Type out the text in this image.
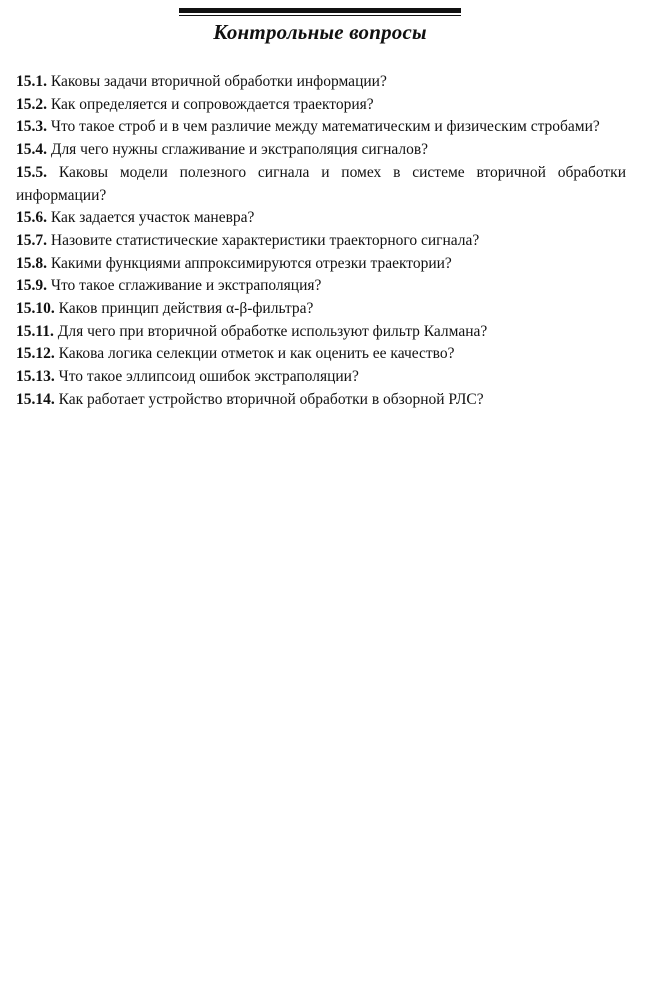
Контрольные вопросы
15.1. Каковы задачи вторичной обработки информации?
15.2. Как определяется и сопровождается траектория?
15.3. Что такое строб и в чем различие между математическим и физическим стробами?
15.4. Для чего нужны сглаживание и экстраполяция сигналов?
15.5. Каковы модели полезного сигнала и помех в системе вторичной обработки информации?
15.6. Как задается участок маневра?
15.7. Назовите статистические характеристики траекторного сигнала?
15.8. Какими функциями аппроксимируются отрезки траектории?
15.9. Что такое сглаживание и экстраполяция?
15.10. Каков принцип действия α-β-фильтра?
15.11. Для чего при вторичной обработке используют фильтр Калмана?
15.12. Какова логика селекции отметок и как оценить ее качество?
15.13. Что такое эллипсоид ошибок экстраполяции?
15.14. Как работает устройство вторичной обработки в обзорной РЛС?
